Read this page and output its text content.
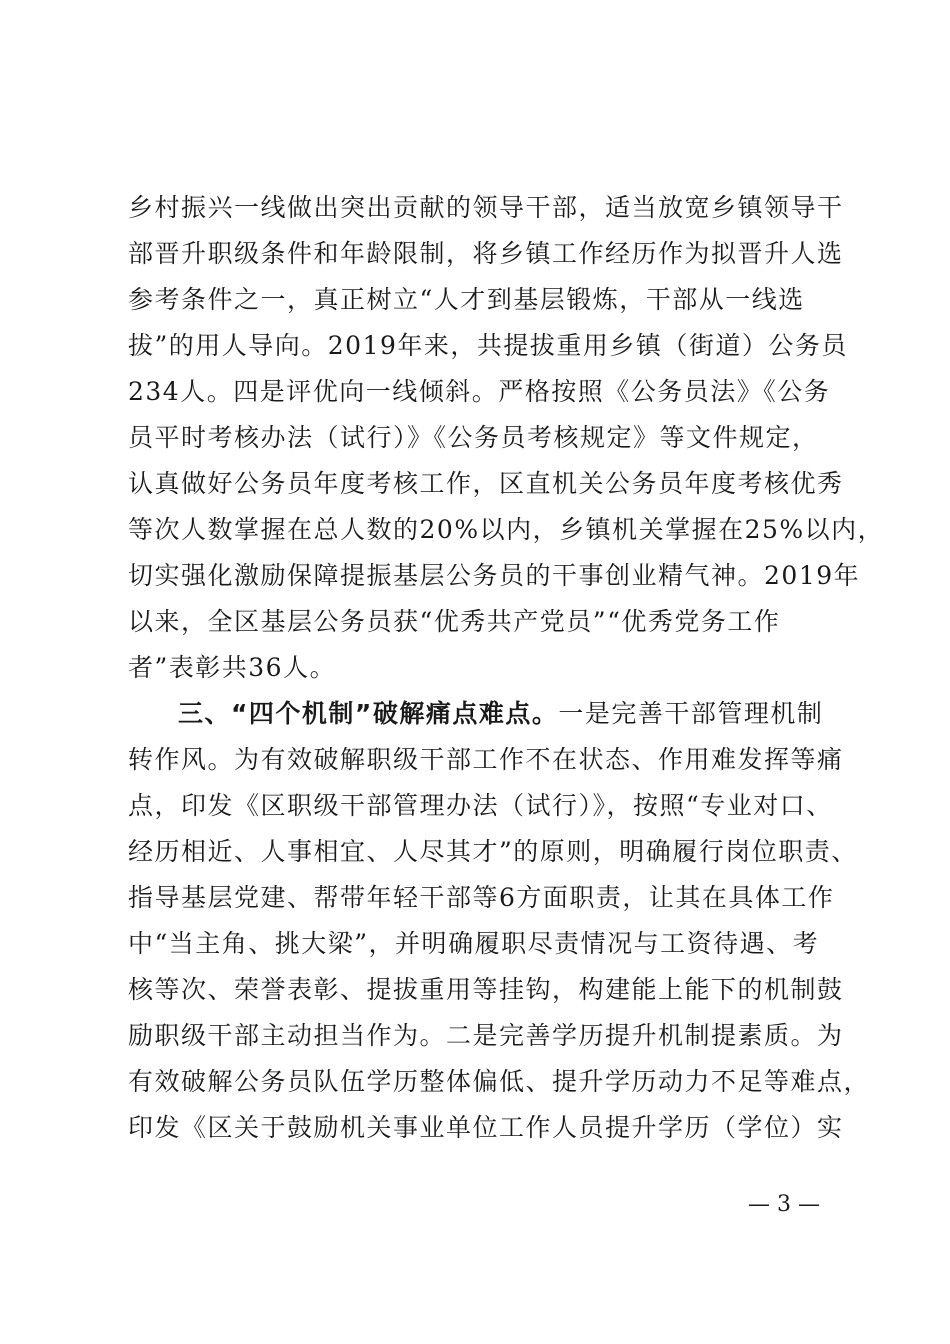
乡村振兴一线做出突出贡献的领导干部，适当放宽乡镇领导干
部晋升职级条件和年龄限制，将乡镇工作经历作为拟晋升人选
参考条件之一，真正树立“人才到基层锻炼，干部从一线选
拔”的用人导向。2019年来，共提拔重用乡镇（街道）公务员
234人。四是评优向一线倾斜。严格按照《公务员法》《公务
员平时考核办法（试行）》《公务员考核规定》等文件规定，
认真做好公务员年度考核工作，区直机关公务员年度考核优秀
等次人数掌握在总人数的20%以内，乡镇机关掌握在25%以内，
切实强化激励保障提振基层公务员的干事创业精气神。2019年
以来，全区基层公务员获“优秀共产党员”“优秀党务工作
者”表彰共36人。
三、“四个机制”破解痛点难点。一是完善干部管理机制
转作风。为有效破解职级干部工作不在状态、作用难发挥等痛
点，印发《区职级干部管理办法（试行）》，按照“专业对口、
经历相近、人事相宜、人尽其才”的原则，明确履行岗位职责、
指导基层党建、帮带年轻干部等6方面职责，让其在具体工作
中“当主角、挑大梁”，并明确履职尽责情况与工资待遇、考
核等次、荣誉表彰、提拔重用等挂钩，构建能上能下的机制鼓
励职级干部主动担当作为。二是完善学历提升机制提素质。为
有效破解公务员队伍学历整体偏低、提升学历动力不足等难点，
印发《区关于鼓励机关事业单位工作人员提升学历（学位）实
— 3 —
